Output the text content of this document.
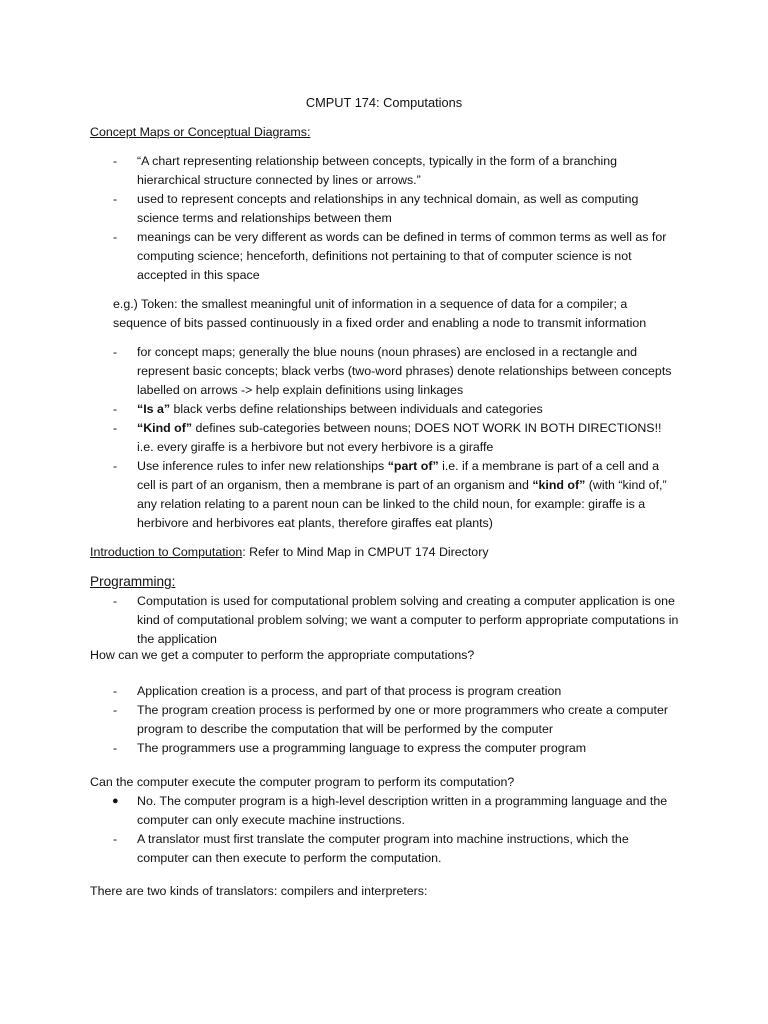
CMPUT 174: Computations
Concept Maps or Conceptual Diagrams:
- “A chart representing relationship between concepts, typically in the form of a branching hierarchical structure connected by lines or arrows.”
- used to represent concepts and relationships in any technical domain, as well as computing science terms and relationships between them
- meanings can be very different as words can be defined in terms of common terms as well as for computing science; henceforth, definitions not pertaining to that of computer science is not accepted in this space
e.g.) Token: the smallest meaningful unit of information in a sequence of data for a compiler; a sequence of bits passed continuously in a fixed order and enabling a node to transmit information
- for concept maps; generally the blue nouns (noun phrases) are enclosed in a rectangle and represent basic concepts; black verbs (two-word phrases) denote relationships between concepts labelled on arrows -> help explain definitions using linkages
- “Is a” black verbs define relationships between individuals and categories
- “Kind of” defines sub-categories between nouns; DOES NOT WORK IN BOTH DIRECTIONS!! i.e. every giraffe is a herbivore but not every herbivore is a giraffe
- Use inference rules to infer new relationships “part of” i.e. if a membrane is part of a cell and a cell is part of an organism, then a membrane is part of an organism and “kind of” (with “kind of,” any relation relating to a parent noun can be linked to the child noun, for example: giraffe is a herbivore and herbivores eat plants, therefore giraffes eat plants)
Introduction to Computation: Refer to Mind Map in CMPUT 174 Directory
Programming:
- Computation is used for computational problem solving and creating a computer application is one kind of computational problem solving; we want a computer to perform appropriate computations in the application
How can we get a computer to perform the appropriate computations?
- Application creation is a process, and part of that process is program creation
- The program creation process is performed by one or more programmers who create a computer program to describe the computation that will be performed by the computer
- The programmers use a programming language to express the computer program
Can the computer execute the computer program to perform its computation?
● No. The computer program is a high-level description written in a programming language and the computer can only execute machine instructions.
- A translator must first translate the computer program into machine instructions, which the computer can then execute to perform the computation.
There are two kinds of translators: compilers and interpreters:
